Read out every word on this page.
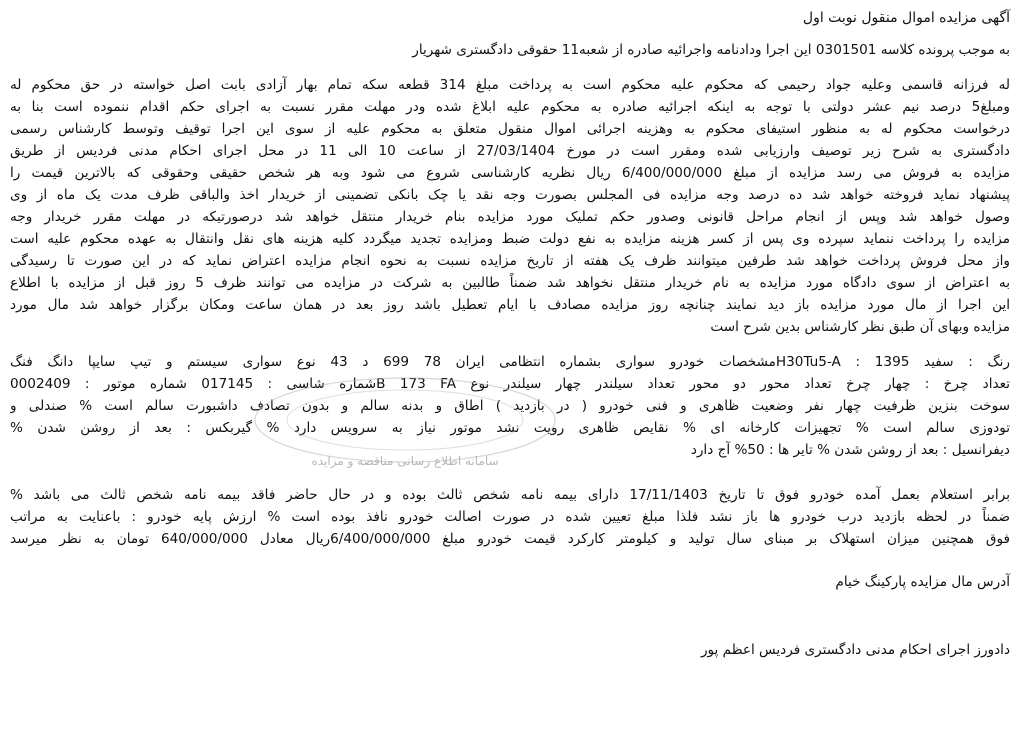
آگهی مزایده اموال منقول نوبت اول
به موجب پرونده کلاسه 0301501 این اجرا ودادنامه واجرائیه صادره از شعبه11 حقوقی دادگستری شهریار
له فرزانه قاسمی وعلیه جواد رحیمی که محکوم علیه محکوم است به پرداخت مبلغ 314 قطعه سکه تمام بهار آزادی بابت اصل خواسته در حق محکوم له
ومبلغ5 درصد نیم عشر دولتی با توجه به اینکه اجرائیه صادره به محکوم علیه ابلاغ شده ودر مهلت مقرر نسبت به اجرای حکم اقدام ننموده است بنا به
درخواست محکوم له به منظور استیفای محکوم به وهزینه اجرائی اموال منقول متعلق به محکوم علیه از سوی این اجرا توقیف وتوسط کارشناس رسمی
دادگستری به شرح زیر توصیف وارزیابی شده ومقرر است در مورخ 27/03/1404 از ساعت 10 الی 11 در محل اجرای احکام مدنی فردیس از طریق
مزایده به فروش می رسد مزایده از مبلغ 6/400/000/000 ریال نظریه کارشناسی شروع می شود وبه هر شخص حقیقی وحقوقی که بالاترین قیمت را
پیشنهاد نماید فروخته خواهد شد ده درصد وجه مزایده فی المجلس بصورت وجه نقد یا چک بانکی تضمینی از خریدار اخذ والباقی ظرف مدت یک ماه از وی
وصول خواهد شد وپس از انجام مراحل قانونی وصدور حکم تملیک مورد مزایده بنام خریدار منتقل خواهد شد درصورتیکه در مهلت مقرر خریدار وجه
مزایده را پرداخت ننماید سپرده وی پس از کسر هزینه مزایده به نفع دولت ضبط ومزایده تجدید میگردد کلیه هزینه های نقل وانتقال به عهده محکوم علیه است
واز محل فروش پرداخت خواهد شد طرفین میتوانند ظرف یک هفته از تاریخ مزایده نسبت به نحوه انجام مزایده اعتراض نماید که در این صورت تا رسیدگی
به اعتراض از سوی دادگاه مورد مزایده به نام خریدار منتقل نخواهد شد ضمناً طالبین به شرکت در مزایده می توانند ظرف 5 روز قبل از مزایده با اطلاع
این اجرا از مال مورد مزایده باز دید نمایند چنانچه روز مزایده مصادف با ایام تعطیل باشد روز بعد در همان ساعت ومکان برگزار خواهد شد مال مورد
مزایده وبهای آن طبق نظر کارشناس بدین شرح است
رنگ : سفید 1395 : H30Tu5-Aمشخصات خودرو سواری بشماره انتظامی ایران 78 699 د 43 نوع سواری سیستم و تیپ سایپا دانگ فنگ
تعداد چرخ : چهار چرخ تعداد محور دو محور تعداد سیلندر چهار سیلندر نوع B 173 FAشماره شاسی : 017145 شماره موتور : 0002409
سوخت بنزین ظرفیت چهار نفر وضعیت ظاهری و فنی خودرو ( در بازدید ) اطاق و بدنه سالم و بدون تصادف داشبورت سالم است % صندلی و
تودوزی سالم است % تجهیزات کارخانه ای % نقایص ظاهری رویت نشد موتور نیاز به سرویس دارد % گیربکس : بعد از روشن شدن %
دیفرانسیل : بعد از روشن شدن % تایر ها : 50% آج دارد
برابر استعلام بعمل آمده خودرو فوق تا تاریخ 17/11/1403 دارای بیمه نامه شخص ثالث بوده و در حال حاضر فاقد بیمه نامه شخص ثالث می باشد %
ضمناً در لحظه بازدید درب خودرو ها باز نشد فلذا مبلغ تعیین شده در صورت اصالت خودرو نافذ بوده است % ارزش پایه خودرو : باعنایت به مراتب
فوق همچنین میزان استهلاک بر مبنای سال تولید و کیلومتر کارکرد قیمت خودرو مبلغ 6/400/000/000ریال معادل 640/000/000 تومان به نظر میرسد
آدرس مال مزایده پارکینگ خیام
دادورز اجرای احکام مدنی دادگستری فردیس اعظم پور
سامانه اطلاع رسانی مناقصه و مزایده
